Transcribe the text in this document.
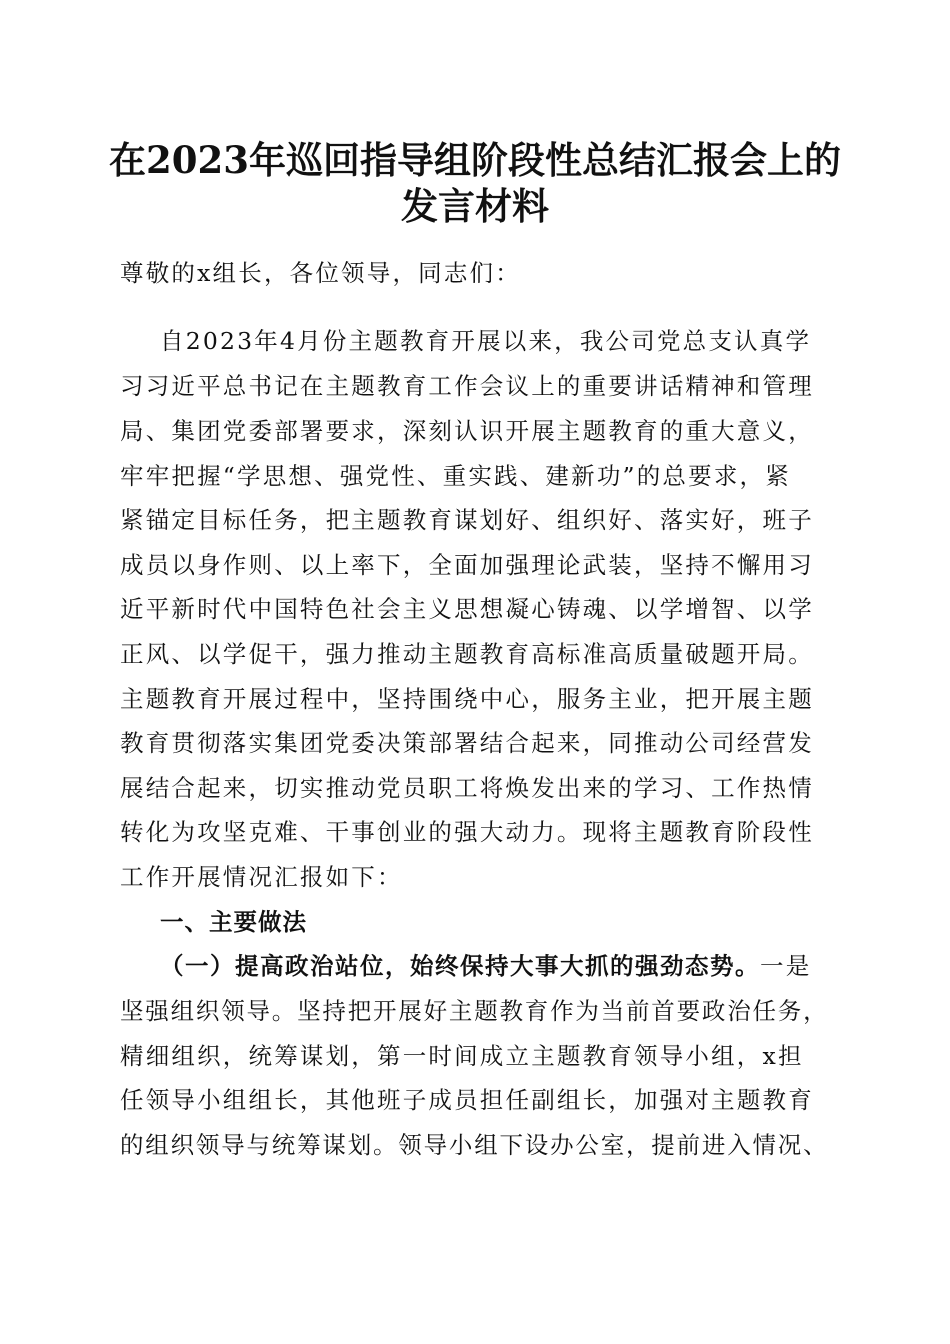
在2023年巡回指导组阶段性总结汇报会上的
发言材料

尊敬的x组长，各位领导，同志们：

自2023年4月份主题教育开展以来，我公司党总支认真学

习习近平总书记在主题教育工作会议上的重要讲话精神和管理

局、集团党委部署要求，深刻认识开展主题教育的重大意义，

牢牢把握“学思想、强党性、重实践、建新功”的总要求，紧

紧锚定目标任务，把主题教育谋划好、组织好、落实好，班子

成员以身作则、以上率下，全面加强理论武装，坚持不懈用习

近平新时代中国特色社会主义思想凝心铸魂、以学增智、以学

正风、以学促干，强力推动主题教育高标准高质量破题开局。

主题教育开展过程中，坚持围绕中心，服务主业，把开展主题

教育贯彻落实集团党委决策部署结合起来，同推动公司经营发

展结合起来，切实推动党员职工将焕发出来的学习、工作热情

转化为攻坚克难、干事创业的强大动力。现将主题教育阶段性

工作开展情况汇报如下：

一、主要做法

（一）提高政治站位，始终保持大事大抓的强劲态势。一是

坚强组织领导。坚持把开展好主题教育作为当前首要政治任务，

精细组织，统筹谋划，第一时间成立主题教育领导小组，x担

任领导小组组长，其他班子成员担任副组长，加强对主题教育

的组织领导与统筹谋划。领导小组下设办公室，提前进入情况、
